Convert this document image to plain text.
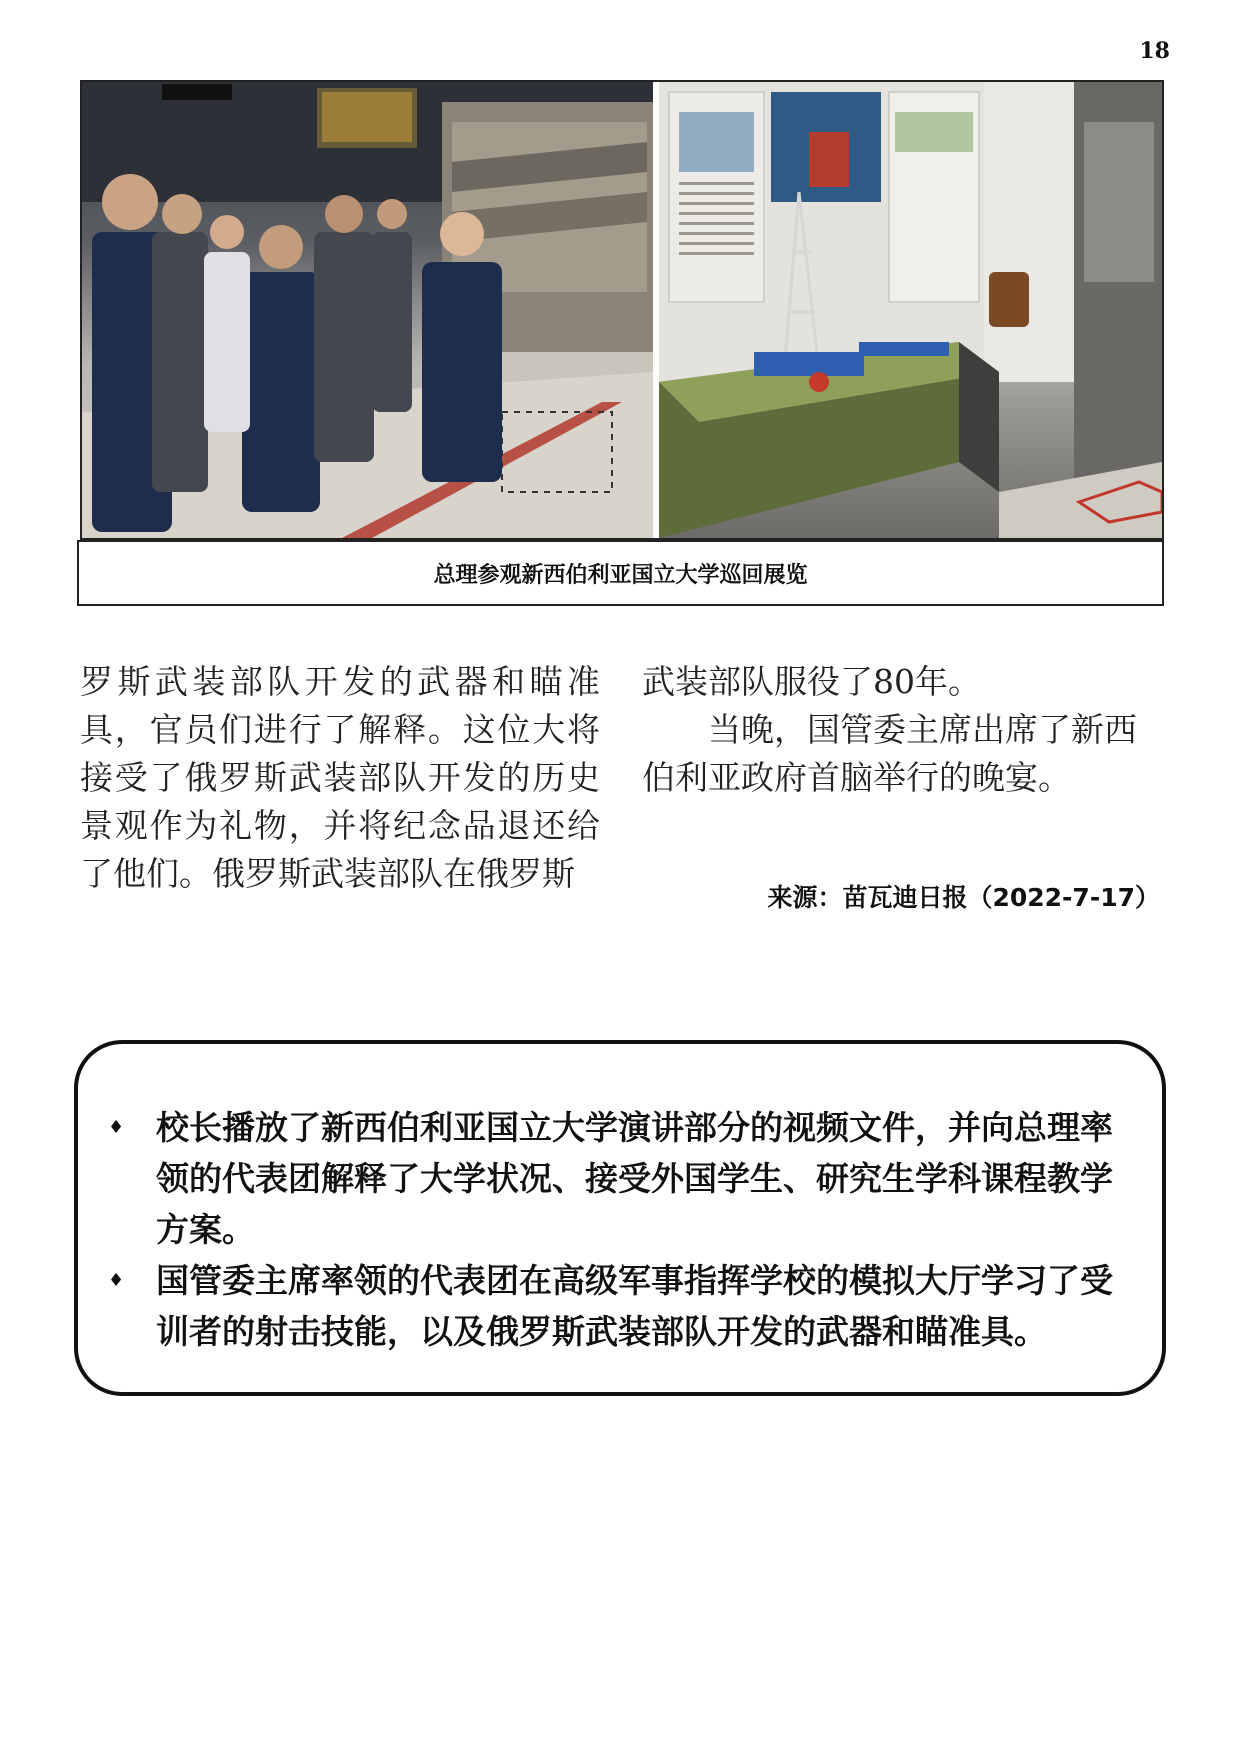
18
总理参观新西伯利亚国立大学巡回展览

罗斯武装部队开发的武器和瞄准具，官员们进行了解释。这位大将接受了俄罗斯武装部队开发的历史景观作为礼物，并将纪念品退还给了他们。俄罗斯武装部队在俄罗斯

武装部队服役了80年。

当晚，国管委主席出席了新西伯利亚政府首脑举行的晚宴。

来源：苗瓦迪日报（2022-7-17）
♦ 校长播放了新西伯利亚国立大学演讲部分的视频文件，并向总理率领的代表团解释了大学状况、接受外国学生、研究生学科课程教学方案。
♦ 国管委主席率领的代表团在高级军事指挥学校的模拟大厅学习了受训者的射击技能，以及俄罗斯武装部队开发的武器和瞄准具。
